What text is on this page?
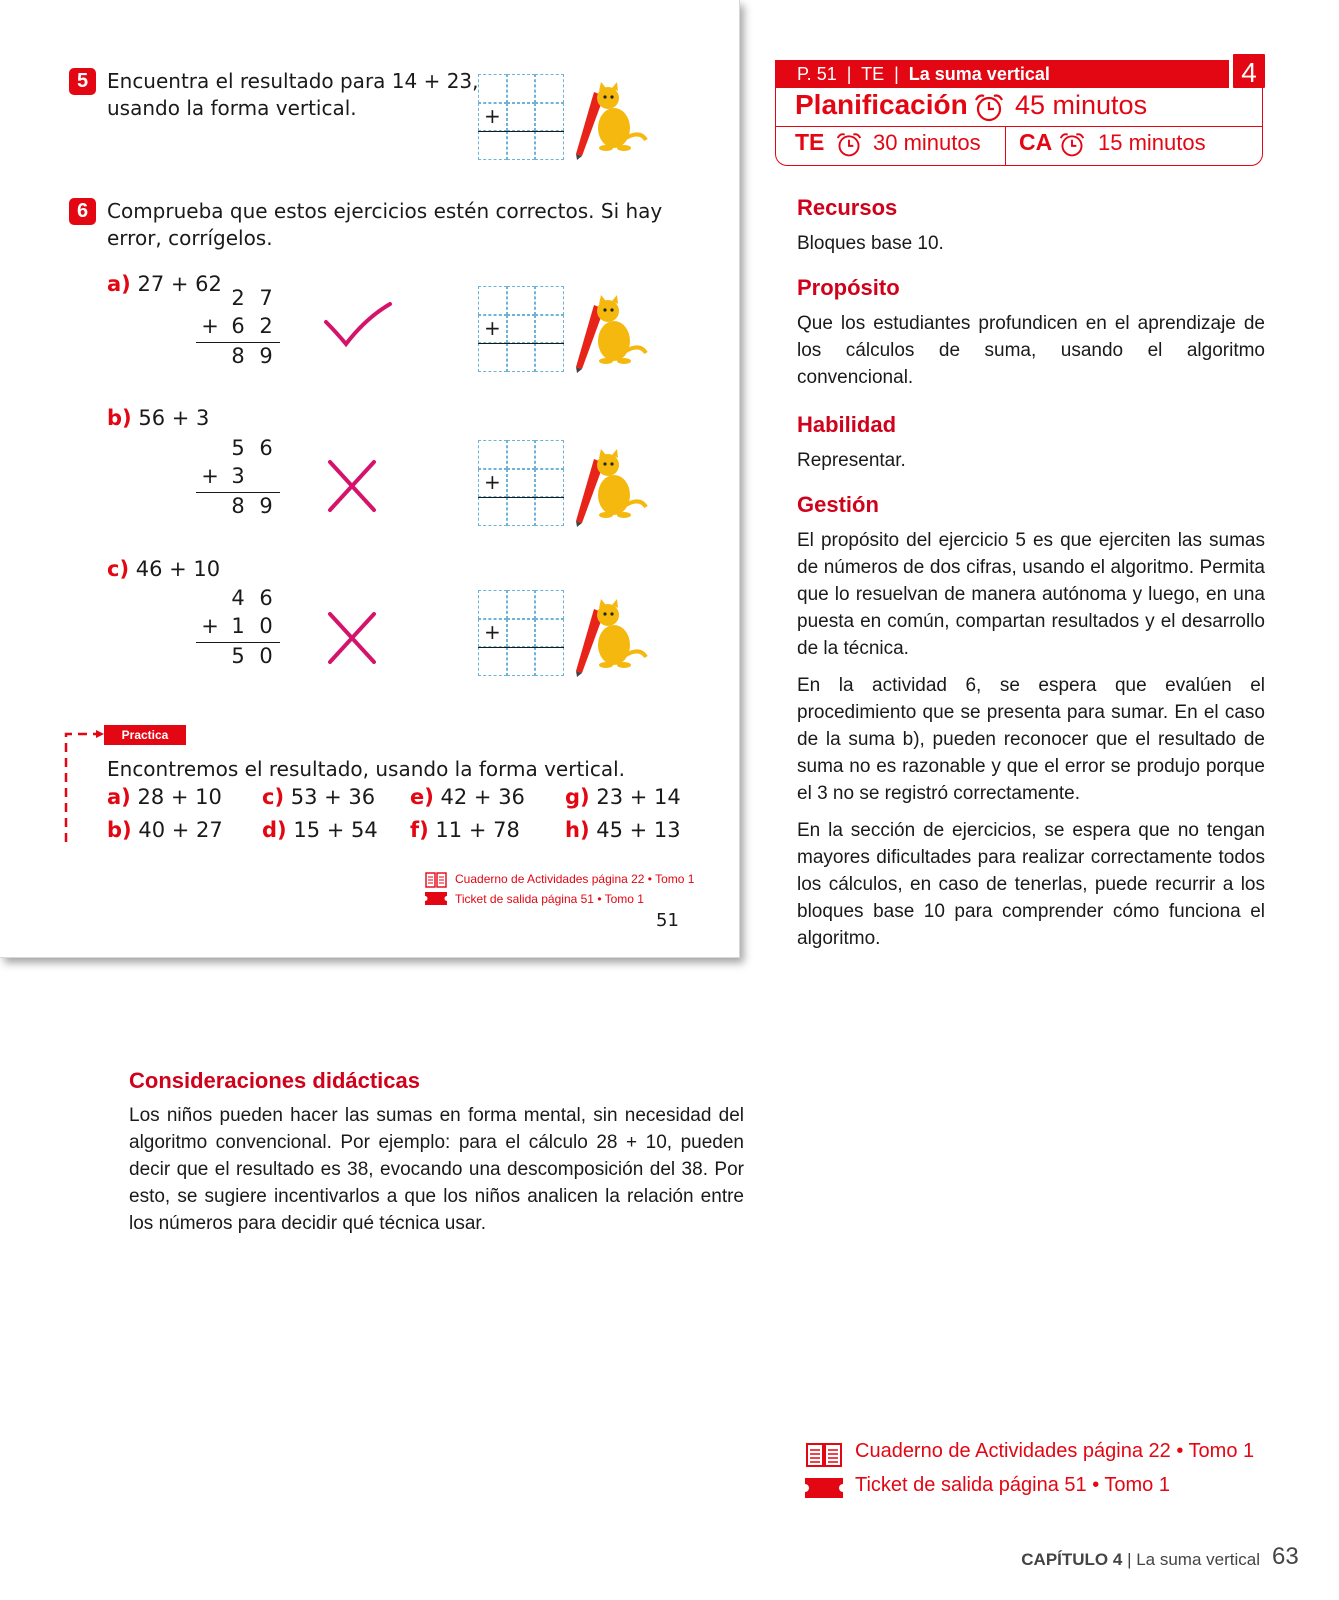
5 Encuentra el resultado para 14 + 23,
usando la forma vertical.	+
6 Comprueba que estos ejercicios estén correctos. Si hay
error, corrígelos.
a) 27 + 62
2 7
+ 6 2
8 9
+
b) 56 + 3
5 6
+ 3
8 9
+
c) 46 + 10
4 6
+ 1 0
5 0
+
Practica
Encontremos el resultado, usando la forma vertical.
a) 28 + 10 c) 53 + 36 e) 42 + 36 g) 23 + 14
b) 40 + 27 d) 15 + 54 f) 11 + 78 h) 45 + 13
Cuaderno de Actividades página 22 • Tomo 1
Ticket de salida página 51 • Tomo 1
51
P. 51  |  TE  |  La suma vertical	4
Planificación 45 minutos
TE 30 minutos CA 15 minutos
Recursos
Bloques base 10.
Propósito
Que los estudiantes profundicen en el aprendizaje de los cálculos de suma, usando el algoritmo convencional.
Habilidad
Representar.
Gestión
El propósito del ejercicio 5 es que ejerciten las sumas de números de dos cifras, usando el algoritmo. Permita que lo resuelvan de manera autónoma y luego, en una puesta en común, compartan resultados y el desarrollo de la técnica.
En la actividad 6, se espera que evalúen el procedimiento que se presenta para sumar. En el caso de la suma b), pueden reconocer que el resultado de suma no es razonable y que el error se produjo porque el 3 no se registró correctamente.
En la sección de ejercicios, se espera que no tengan mayores dificultades para realizar correctamente todos los cálculos, en caso de tenerlas, puede recurrir a los bloques base 10 para comprender cómo funciona el algoritmo.
Consideraciones didácticas
Los niños pueden hacer las sumas en forma mental, sin necesidad del algoritmo convencional. Por ejemplo: para el cálculo 28 + 10, pueden decir que el resultado es 38, evocando una descomposición del 38. Por esto, se sugiere incentivarlos a que los niños analicen la relación entre los números para decidir qué técnica usar.
Cuaderno de Actividades página 22 • Tomo 1
Ticket de salida página 51 • Tomo 1
CAPÍTULO 4 | La suma vertical 63
